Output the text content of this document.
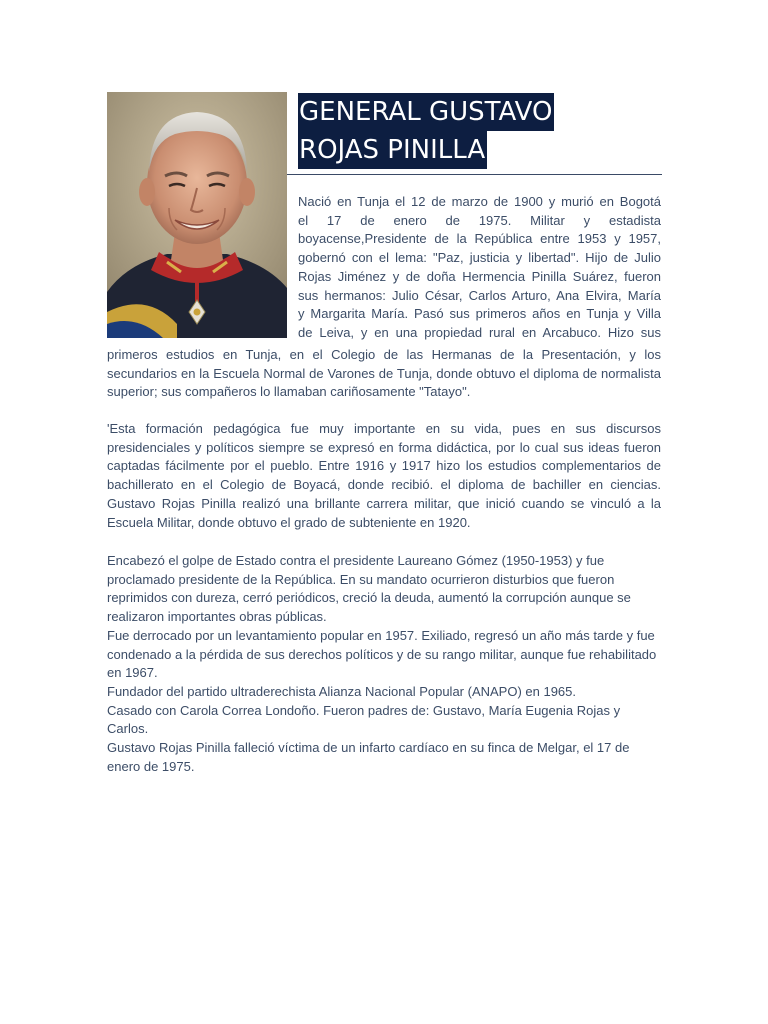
GENERAL GUSTAVO
ROJAS PINILLA
Nació en Tunja el 12 de marzo de 1900 y murió en Bogotá
el 17 de enero de 1975. Militar y estadista
boyacense,Presidente de la República entre 1953 y 1957,
gobernó con el lema: "Paz, justicia y libertad". Hijo de Julio
Rojas Jiménez y de doña Hermencia Pinilla Suárez, fueron
sus hermanos: Julio César, Carlos Arturo, Ana Elvira, María
y Margarita María. Pasó sus primeros años en Tunja y Villa
de Leiva, y en una propiedad rural en Arcabuco. Hizo sus
primeros estudios en Tunja, en el Colegio de las Hermanas de la Presentación, y los secundarios en la Escuela Normal de Varones de Tunja, donde obtuvo el diploma de normalista superior; sus compañeros lo llamaban cariñosamente "Tatayo".
'Esta formación pedagógica fue muy importante en su vida, pues en sus discursos presidenciales y políticos siempre se expresó en forma didáctica, por lo cual sus ideas fueron captadas fácilmente por el pueblo. Entre 1916 y 1917 hizo los estudios complementarios de bachillerato en el Colegio de Boyacá, donde recibió. el diploma de bachiller en ciencias. Gustavo Rojas Pinilla realizó una brillante carrera militar, que inició cuando se vinculó a la Escuela Militar, donde obtuvo el grado de subteniente en 1920.

Encabezó el golpe de Estado contra el presidente Laureano Gómez (1950-1953) y fue proclamado presidente de la República. En su mandato ocurrieron disturbios que fueron reprimidos con dureza, cerró periódicos, creció la deuda, aumentó la corrupción aunque se realizaron importantes obras públicas.

Fue derrocado por un levantamiento popular en 1957. Exiliado, regresó un año más tarde y fue condenado a la pérdida de sus derechos políticos y de su rango militar, aunque fue rehabilitado en 1967.

Fundador del partido ultraderechista Alianza Nacional Popular (ANAPO) en 1965.

Casado con Carola Correa Londoño. Fueron padres de: Gustavo, María Eugenia Rojas y Carlos.

Gustavo Rojas Pinilla falleció víctima de un infarto cardíaco en su finca de Melgar, el 17 de enero de 1975.
